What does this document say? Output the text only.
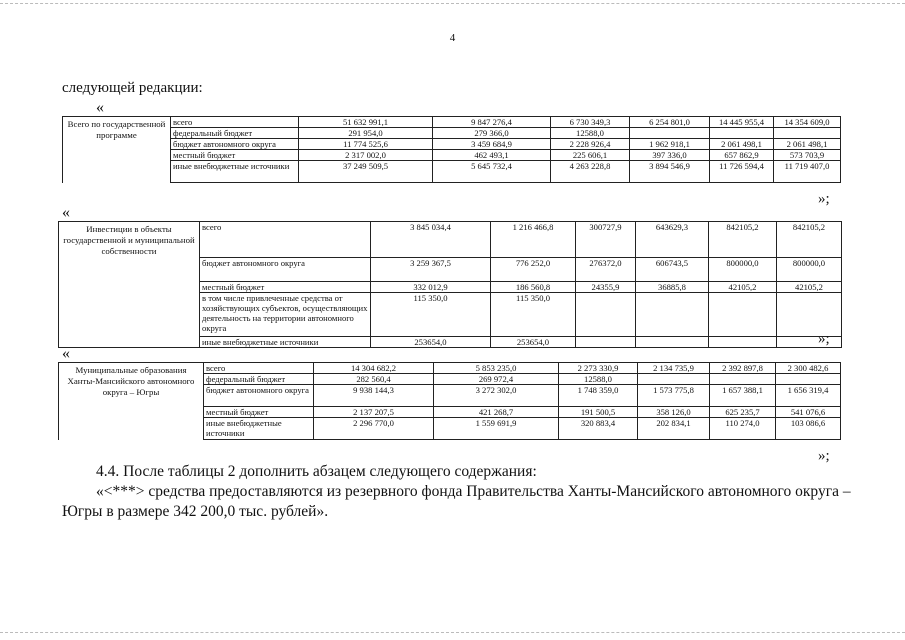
4
следующей редакции:
«
Всего по государственной программе	всего	51 632 991,1	9 847 276,4	6 730 349,3	6 254 801,0	14 445 955,4	14 354 609,0
	федеральный бюджет	291 954,0	279 366,0	12588,0			
	бюджет автономного округа	11 774 525,6	3 459 684,9	2 228 926,4	1 962 918,1	2 061 498,1	2 061 498,1
	местный бюджет	2 317 002,0	462 493,1	225 606,1	397 336,0	657 862,9	573 703,9
	иные внебюджетные источники	37 249 509,5	5 645 732,4	4 263 228,8	3 894 546,9	11 726 594,4	11 719 407,0
»;
«
Инвестиции в объекты государственной и муниципальной собственности	всего	3 845 034,4	1 216 466,8	300727,9	643629,3	842105,2	842105,2
	бюджет автономного округа	3 259 367,5	776 252,0	276372,0	606743,5	800000,0	800000,0
	местный бюджет	332 012,9	186 560,8	24355,9	36885,8	42105,2	42105,2
	в том числе привлеченные средства от хозяйствующих субъектов, осуществляющих деятельность на территории автономного округа	115 350,0	115 350,0				
	иные внебюджетные источники	253654,0	253654,0					»;
«
Муниципальные образования Ханты-Мансийского автономного округа – Югры	всего	14 304 682,2	5 853 235,0	2 273 330,9	2 134 735,9	2 392 897,8	2 300 482,6
	федеральный бюджет	282 560,4	269 972,4	12588,0			
	бюджет автономного округа	9 938 144,3	3 272 302,0	1 748 359,0	1 573 775,8	1 657 388,1	1 656 319,4
	местный бюджет	2 137 207,5	421 268,7	191 500,5	358 126,0	625 235,7	541 076,6
	иные внебюджетные источники	2 296 770,0	1 559 691,9	320 883,4	202 834,1	110 274,0	103 086,6
»;
4.4. После таблицы 2 дополнить абзацем следующего содержания:
«<***> средства предоставляются из резервного фонда Правительства Ханты-Мансийского автономного округа – Югры в размере 342 200,0 тыс. рублей».
